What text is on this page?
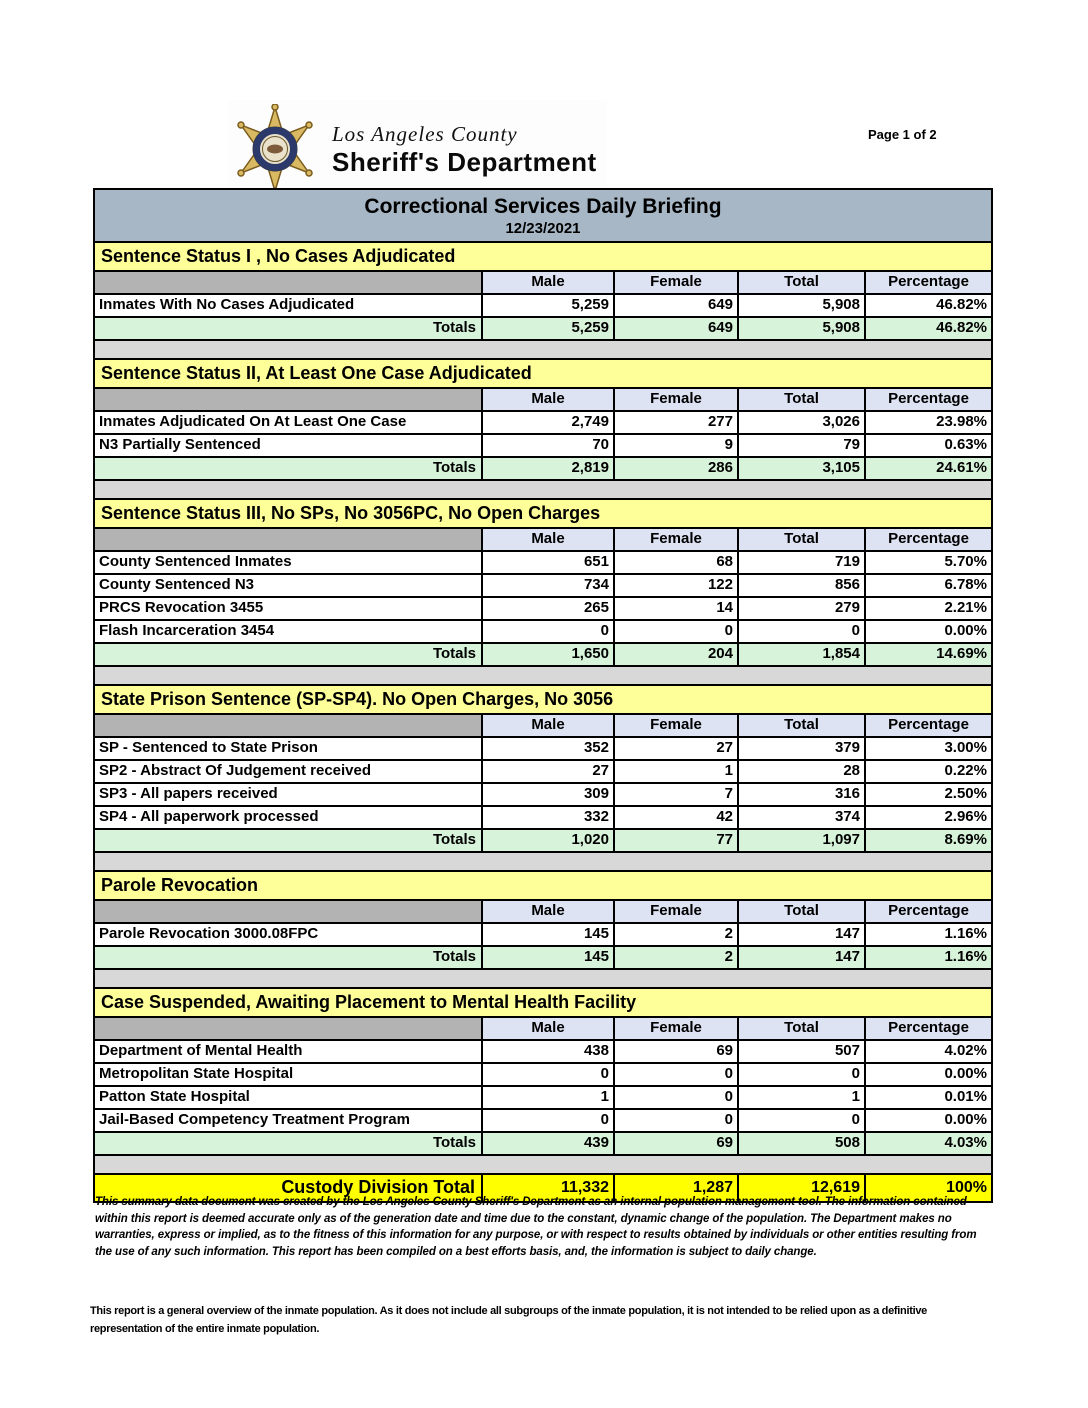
Los Angeles County
Sheriff's Department
Page 1 of 2
Correctional Services Daily Briefing
12/23/2021
Sentence Status I , No Cases Adjudicated
Male	Female	Total	Percentage
Inmates With No Cases Adjudicated	5,259	649	5,908	46.82%
Totals	5,259	649	5,908	46.82%
Sentence Status II, At Least One Case Adjudicated
Male	Female	Total	Percentage
Inmates Adjudicated On At Least One Case	2,749	277	3,026	23.98%
N3 Partially Sentenced	70	9	79	0.63%
Totals	2,819	286	3,105	24.61%
Sentence Status III, No SPs, No 3056PC, No Open Charges
Male	Female	Total	Percentage
County Sentenced Inmates	651	68	719	5.70%
County Sentenced N3	734	122	856	6.78%
PRCS Revocation 3455	265	14	279	2.21%
Flash Incarceration 3454	0	0	0	0.00%
Totals	1,650	204	1,854	14.69%
State Prison Sentence (SP-SP4). No Open Charges, No 3056
Male	Female	Total	Percentage
SP - Sentenced to State Prison	352	27	379	3.00%
SP2 - Abstract Of Judgement received	27	1	28	0.22%
SP3 - All papers received	309	7	316	2.50%
SP4 - All paperwork processed	332	42	374	2.96%
Totals	1,020	77	1,097	8.69%
Parole Revocation
Male	Female	Total	Percentage
Parole Revocation 3000.08FPC	145	2	147	1.16%
Totals	145	2	147	1.16%
Case Suspended, Awaiting Placement to Mental Health Facility
Male	Female	Total	Percentage
Department of Mental Health	438	69	507	4.02%
Metropolitan State Hospital	0	0	0	0.00%
Patton State Hospital	1	0	1	0.01%
Jail-Based Competency Treatment Program	0	0	0	0.00%
Totals	439	69	508	4.03%
Custody Division Total	11,332	1,287	12,619	100%
This summary data document was created by the Los Angeles County Sheriff's Department as an internal population management tool. The information contained within this report is deemed accurate only as of the generation date and time due to the constant, dynamic change of the population. The Department makes no warranties, express or implied, as to the fitness of this information for any purpose, or with respect to results obtained by individuals or other entities resulting from the use of any such information. This report has been compiled on a best efforts basis, and, the information is subject to daily change.
This report is a general overview of the inmate population. As it does not include all subgroups of the inmate population, it is not intended to be relied upon as a definitive representation of the entire inmate population.
